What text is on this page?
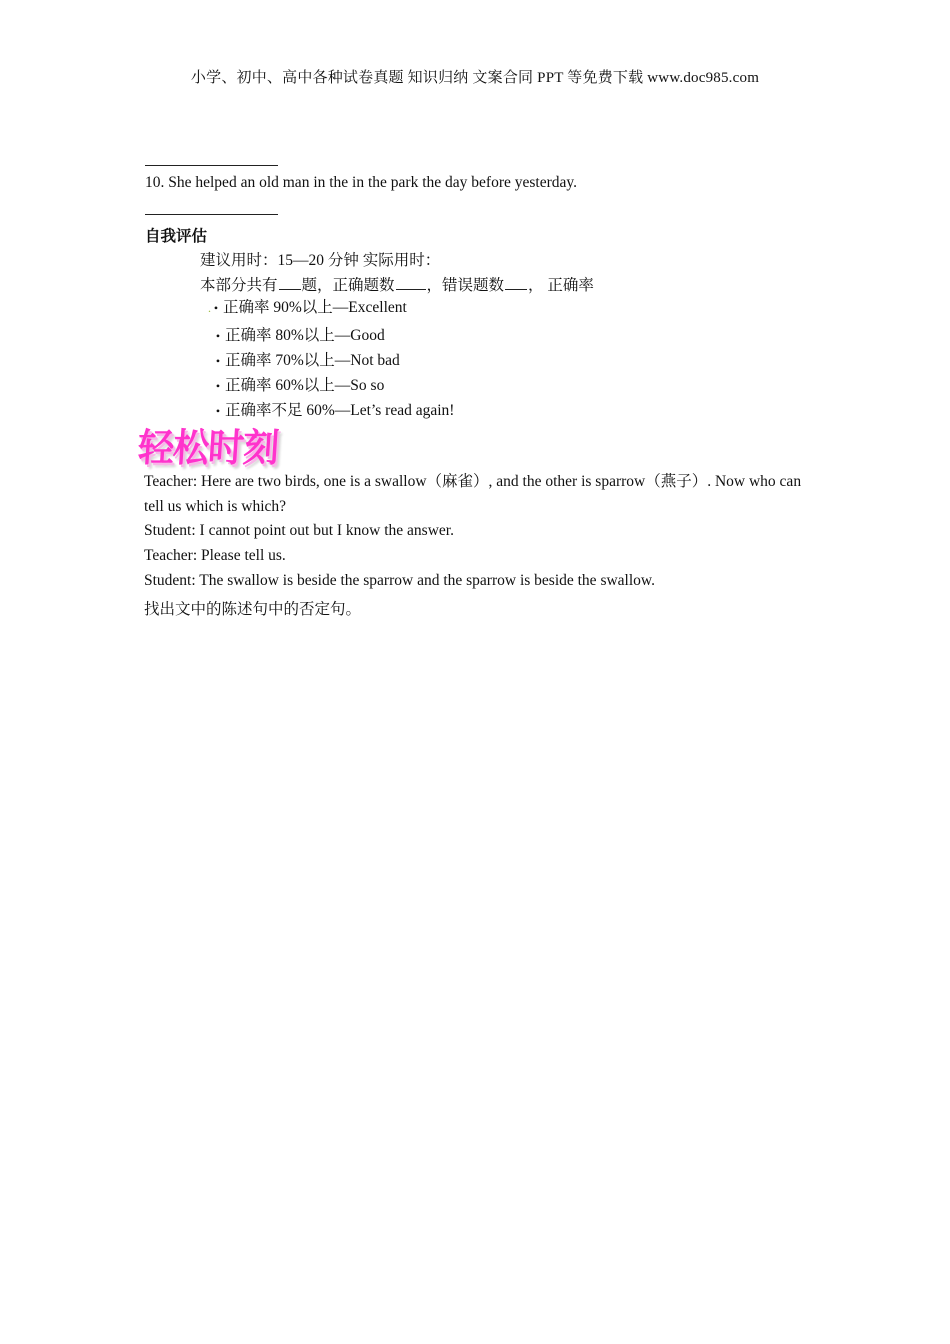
小学、初中、高中各种试卷真题 知识归纳 文案合同 PPT 等免费下载 www.doc985.com
10. She helped an old man in the in the park the day before yesterday.
自我评估
建议用时：15—20 分钟 实际用时：
本部分共有 题，正确题数 ，错误题数 ， 正确率
. • 正确率 90%以上—Excellent
• 正确率 80%以上—Good
• 正确率 70%以上—Not bad
• 正确率 60%以上—So so
• 正确率不足 60%—Let’s read again!
轻松时刻
Teacher: Here are two birds, one is a swallow（麻雀）, and the other is sparrow（燕子）. Now who can tell us which is which?
Student: I cannot point out but I know the answer.
Teacher: Please tell us.
Student: The swallow is beside the sparrow and the sparrow is beside the swallow.
找出文中的陈述句中的否定句。
